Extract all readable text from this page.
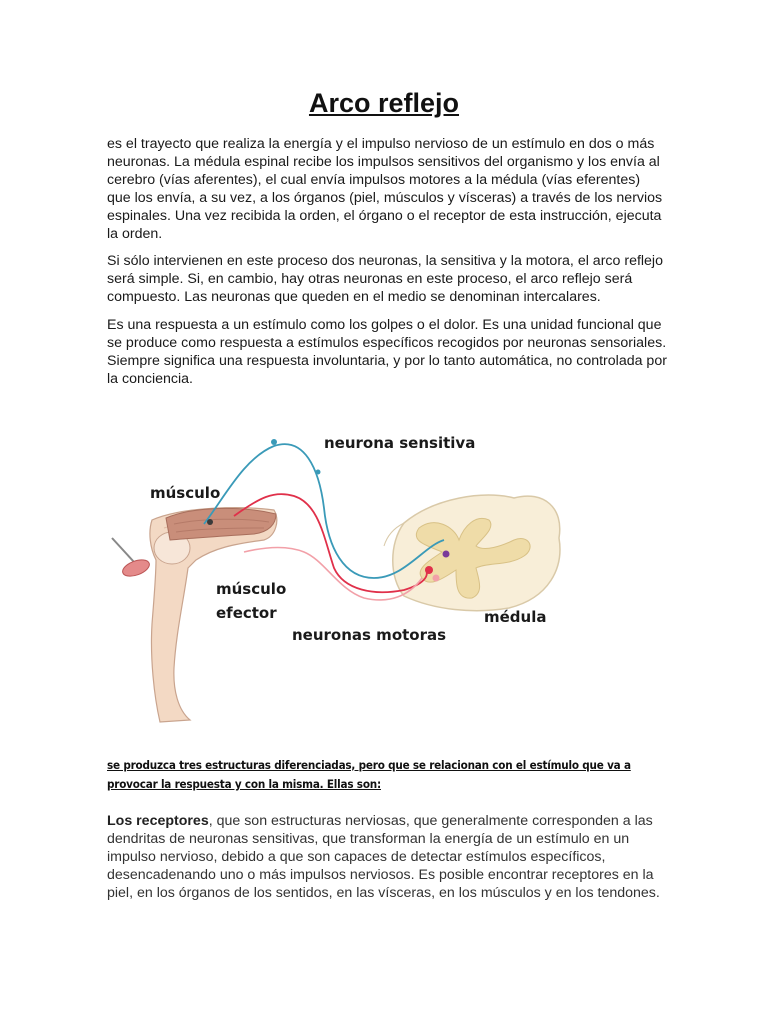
Arco reflejo

es el trayecto que realiza la energía y el impulso nervioso de un estímulo en dos o más neuronas. La médula espinal recibe los impulsos sensitivos del organismo y los envía al cerebro (vías aferentes), el cual envía impulsos motores a la médula (vías eferentes) que los envía, a su vez, a los órganos (piel, músculos y vísceras) a través de los nervios espinales. Una vez recibida la orden, el órgano o el receptor de esta instrucción, ejecuta la orden.

Si sólo intervienen en este proceso dos neuronas, la sensitiva y la motora, el arco reflejo será simple. Si, en cambio, hay otras neuronas en este proceso, el arco reflejo será compuesto. Las neuronas que queden en el medio se denominan intercalares.

Es una respuesta a un estímulo como los golpes o el dolor. Es una unidad funcional que se produce como respuesta a estímulos específicos recogidos por neuronas sensoriales. Siempre significa una respuesta involuntaria, y por lo tanto automática, no controlada por la conciencia.

neurona sensitiva
músculo
músculo
efector
neuronas motoras
médula
se produzca tres estructuras diferenciadas, pero que se relacionan con el estímulo que va a provocar la respuesta y con la misma. Ellas son:

Los receptores, que son estructuras nerviosas, que generalmente corresponden a las dendritas de neuronas sensitivas, que transforman la energía de un estímulo en un impulso nervioso, debido a que son capaces de detectar estímulos específicos, desencadenando uno o más impulsos nerviosos. Es posible encontrar receptores en la piel, en los órganos de los sentidos, en las vísceras, en los músculos y en los tendones.
